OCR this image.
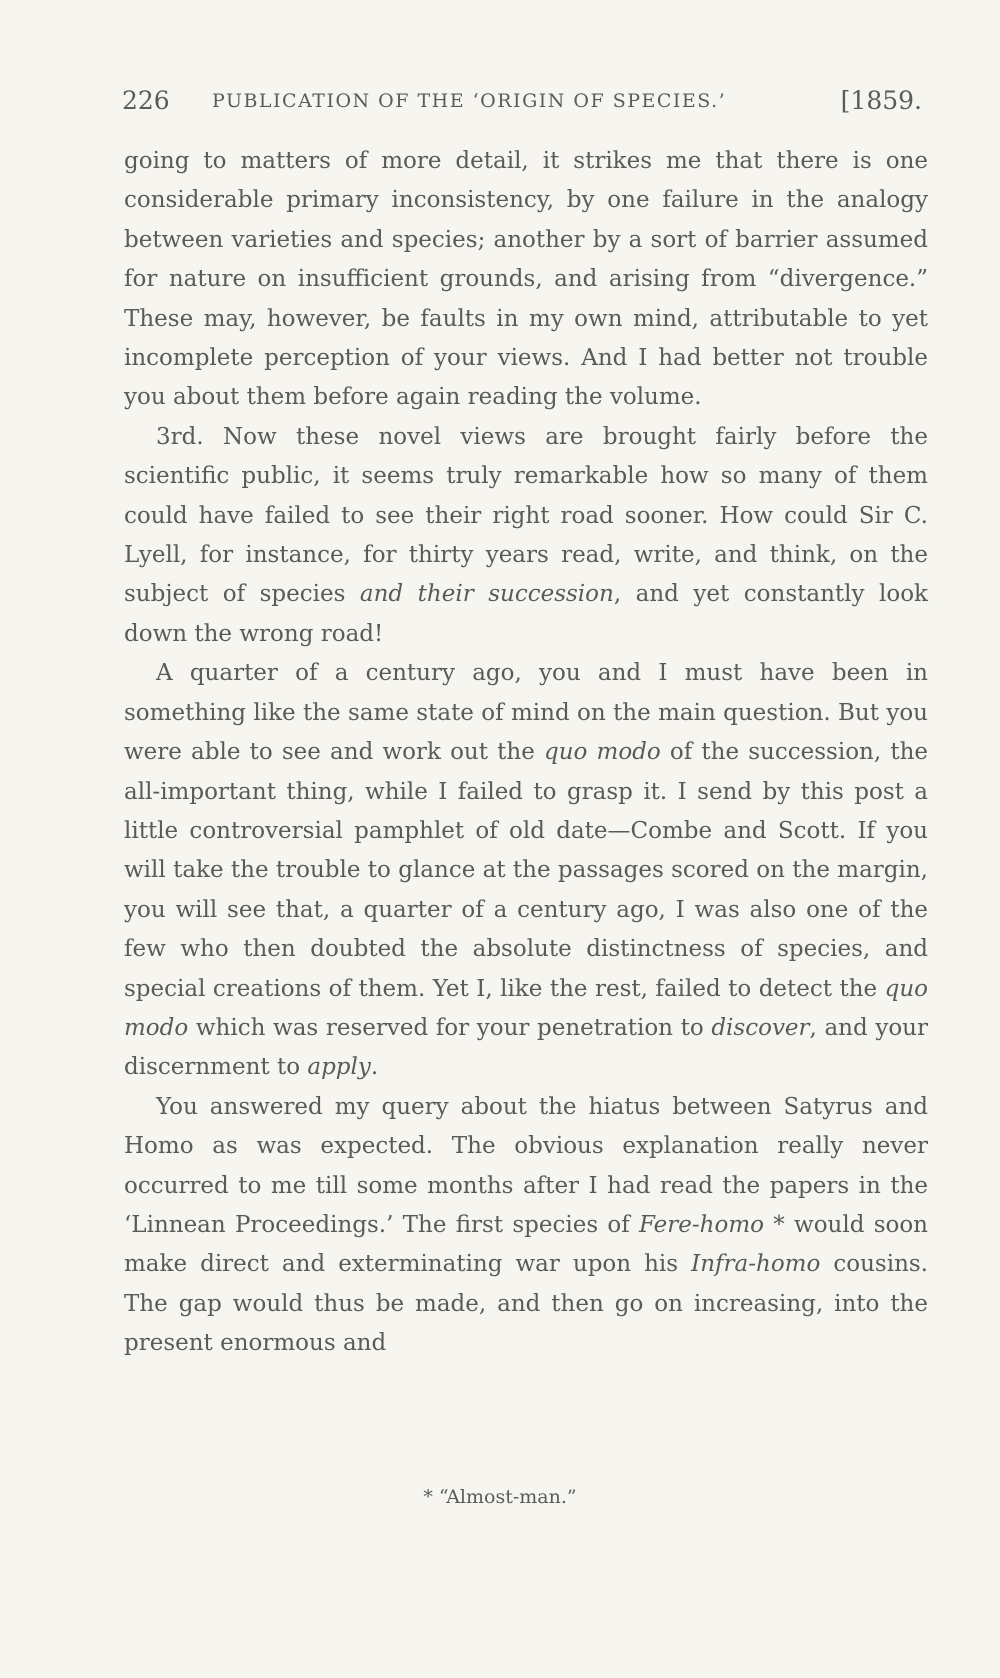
226 PUBLICATION OF THE ‘ORIGIN OF SPECIES.’	[1859.

going to matters of more detail, it strikes me that there is one considerable primary inconsistency, by one failure in the analogy between varieties and species; another by a sort of barrier assumed for nature on insufficient grounds, and arising from “divergence.” These may, however, be faults in my own mind, attributable to yet incomplete perception of your views. And I had better not trouble you about them before again reading the volume.

3rd. Now these novel views are brought fairly before the scientific public, it seems truly remarkable how so many of them could have failed to see their right road sooner. How could Sir C. Lyell, for instance, for thirty years read, write, and think, on the subject of species and their succession, and yet constantly look down the wrong road!

A quarter of a century ago, you and I must have been in something like the same state of mind on the main question. But you were able to see and work out the quo modo of the succession, the all-important thing, while I failed to grasp it. I send by this post a little controversial pamphlet of old date—Combe and Scott. If you will take the trouble to glance at the passages scored on the margin, you will see that, a quarter of a century ago, I was also one of the few who then doubted the absolute distinctness of species, and special creations of them. Yet I, like the rest, failed to detect the quo modo which was reserved for your penetration to discover, and your discernment to apply.

You answered my query about the hiatus between Satyrus and Homo as was expected. The obvious explanation really never occurred to me till some months after I had read the papers in the ‘Linnean Proceedings.’ The first species of Fere-homo * would soon make direct and exterminating war upon his Infra-homo cousins. The gap would thus be made, and then go on increasing, into the present enormous and

* “Almost-man.”
